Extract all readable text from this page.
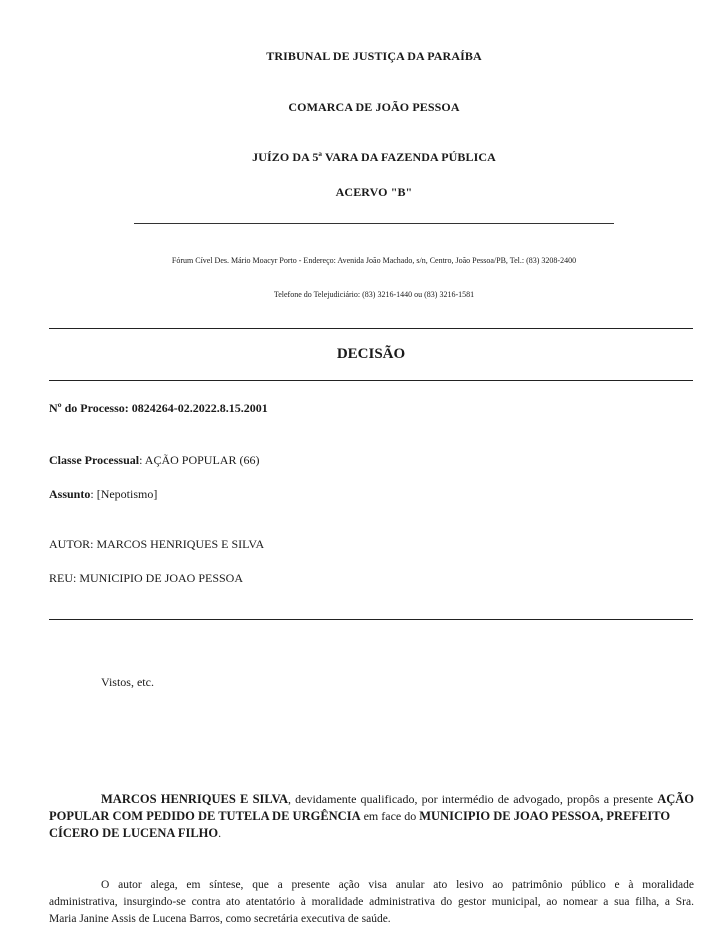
TRIBUNAL DE JUSTIÇA DA PARAÍBA
COMARCA DE JOÃO PESSOA
JUÍZO DA 5ª VARA DA FAZENDA PÚBLICA
ACERVO "B"
Fórum Cível Des. Mário Moacyr Porto - Endereço: Avenida João Machado, s/n, Centro, João Pessoa/PB, Tel.: (83) 3208-2400
Telefone do Telejudiciário: (83) 3216-1440 ou (83) 3216-1581
DECISÃO
Nº do Processo: 0824264-02.2022.8.15.2001
Classe Processual: AÇÃO POPULAR (66)
Assunto: [Nepotismo]
AUTOR: MARCOS HENRIQUES E SILVA
REU: MUNICIPIO DE JOAO PESSOA
Vistos, etc.
MARCOS HENRIQUES E SILVA, devidamente qualificado, por intermédio de advogado, propôs a presente AÇÃO
POPULAR COM PEDIDO DE TUTELA DE URGÊNCIA em face do MUNICIPIO DE JOAO PESSOA, PREFEITO
CÍCERO DE LUCENA FILHO.
O autor alega, em síntese, que a presente ação visa anular ato lesivo ao patrimônio público e à moralidade
administrativa, insurgindo-se contra ato atentatório à moralidade administrativa do gestor municipal, ao nomear a sua filha, a Sra.
Maria Janine Assis de Lucena Barros, como secretária executiva de saúde.
